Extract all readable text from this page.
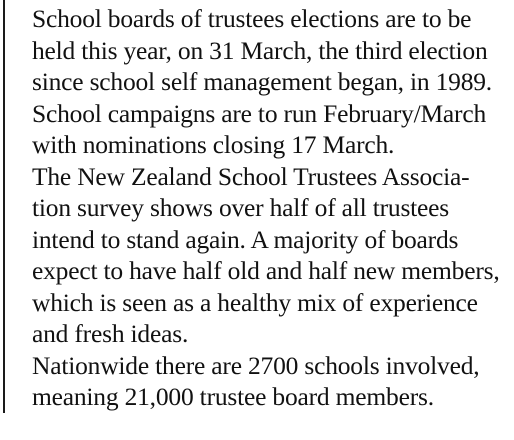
School boards of trustees elections are to be
held this year, on 31 March, the third election
since school self management began, in 1989.

School campaigns are to run February/March
with nominations closing 17 March.

The New Zealand School Trustees Associa-
tion survey shows over half of all trustees
intend to stand again. A majority of boards
expect to have half old and half new members,
which is seen as a healthy mix of experience
and fresh ideas.

Nationwide there are 2700 schools involved,
meaning 21,000 trustee board members.
